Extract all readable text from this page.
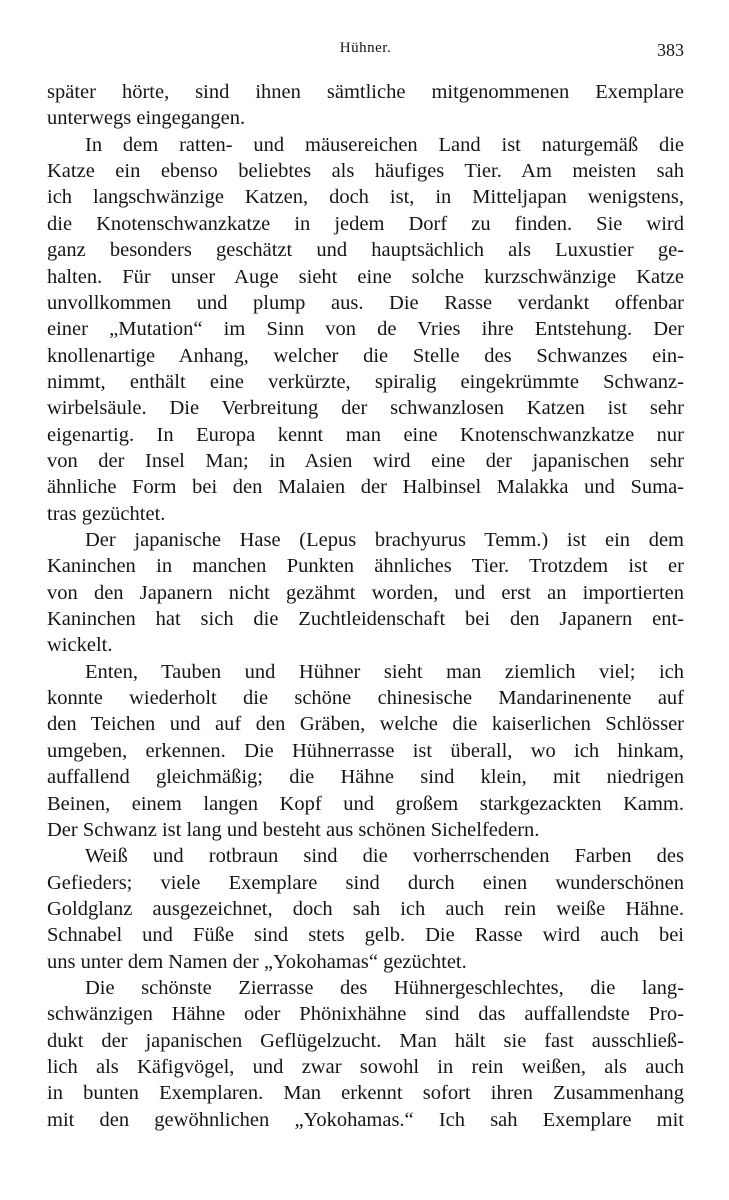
Hühner.	383
später hörte, sind ihnen sämtliche mitgenommenen Exemplare
unterwegs eingegangen.
In dem ratten- und mäusereichen Land ist naturgemäß die
Katze ein ebenso beliebtes als häufiges Tier. Am meisten sah
ich langschwänzige Katzen, doch ist, in Mitteljapan wenigstens,
die Knotenschwanzkatze in jedem Dorf zu finden. Sie wird
ganz besonders geschätzt und hauptsächlich als Luxustier ge-
halten. Für unser Auge sieht eine solche kurzschwänzige Katze
unvollkommen und plump aus. Die Rasse verdankt offenbar
einer „Mutation“ im Sinn von de Vries ihre Entstehung. Der
knollenartige Anhang, welcher die Stelle des Schwanzes ein-
nimmt, enthält eine verkürzte, spiralig eingekrümmte Schwanz-
wirbelsäule. Die Verbreitung der schwanzlosen Katzen ist sehr
eigenartig. In Europa kennt man eine Knotenschwanzkatze nur
von der Insel Man; in Asien wird eine der japanischen sehr
ähnliche Form bei den Malaien der Halbinsel Malakka und Suma-
tras gezüchtet.
Der japanische Hase (Lepus brachyurus Temm.) ist ein dem
Kaninchen in manchen Punkten ähnliches Tier. Trotzdem ist er
von den Japanern nicht gezähmt worden, und erst an importierten
Kaninchen hat sich die Zuchtleidenschaft bei den Japanern ent-
wickelt.
Enten, Tauben und Hühner sieht man ziemlich viel; ich
konnte wiederholt die schöne chinesische Mandarinenente auf
den Teichen und auf den Gräben, welche die kaiserlichen Schlösser
umgeben, erkennen. Die Hühnerrasse ist überall, wo ich hinkam,
auffallend gleichmäßig; die Hähne sind klein, mit niedrigen
Beinen, einem langen Kopf und großem starkgezackten Kamm.
Der Schwanz ist lang und besteht aus schönen Sichelfedern.
Weiß und rotbraun sind die vorherrschenden Farben des
Gefieders; viele Exemplare sind durch einen wunderschönen
Goldglanz ausgezeichnet, doch sah ich auch rein weiße Hähne.
Schnabel und Füße sind stets gelb. Die Rasse wird auch bei
uns unter dem Namen der „Yokohamas“ gezüchtet.
Die schönste Zierrasse des Hühnergeschlechtes, die lang-
schwänzigen Hähne oder Phönixhähne sind das auffallendste Pro-
dukt der japanischen Geflügelzucht. Man hält sie fast ausschließ-
lich als Käfigvögel, und zwar sowohl in rein weißen, als auch
in bunten Exemplaren. Man erkennt sofort ihren Zusammenhang
mit den gewöhnlichen „Yokohamas.“ Ich sah Exemplare mit
